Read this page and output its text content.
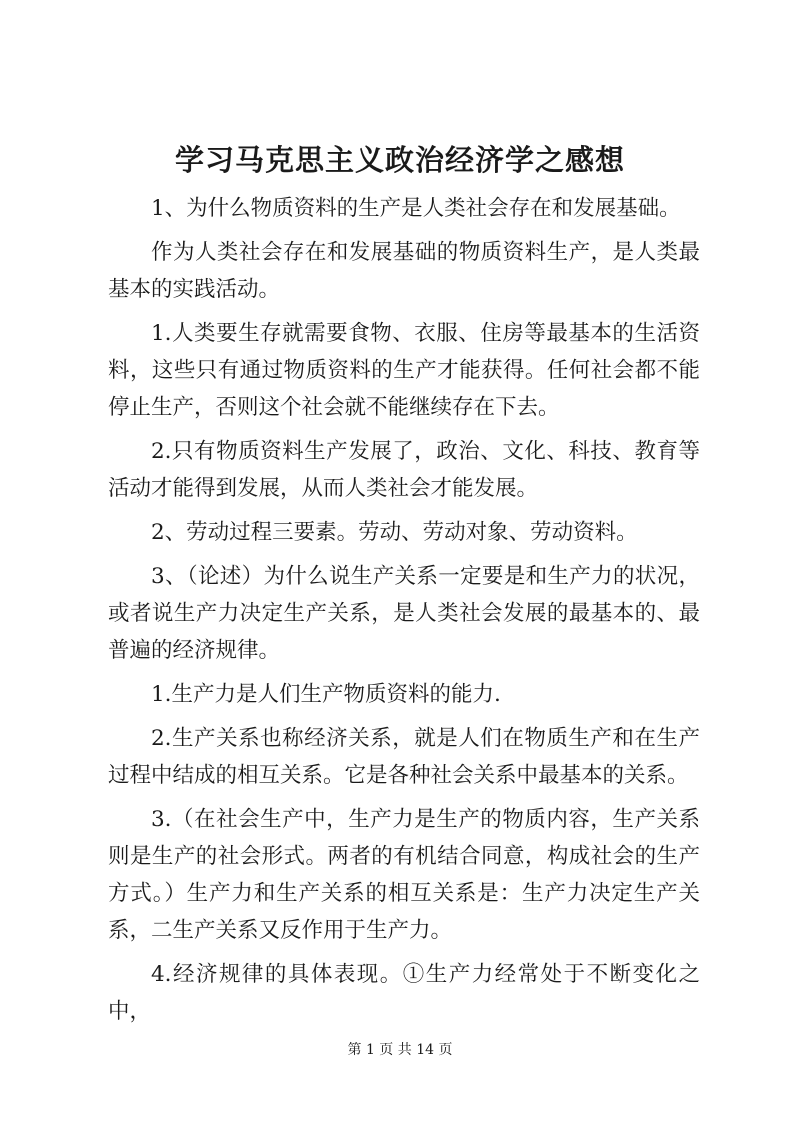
学习马克思主义政治经济学之感想

1、为什么物质资料的生产是人类社会存在和发展基础。

作为人类社会存在和发展基础的物质资料生产，是人类最基本的实践活动。

1.人类要生存就需要食物、衣服、住房等最基本的生活资料，这些只有通过物质资料的生产才能获得。任何社会都不能停止生产，否则这个社会就不能继续存在下去。

2.只有物质资料生产发展了，政治、文化、科技、教育等活动才能得到发展，从而人类社会才能发展。

2、劳动过程三要素。劳动、劳动对象、劳动资料。

3、（论述）为什么说生产关系一定要是和生产力的状况，或者说生产力决定生产关系，是人类社会发展的最基本的、最普遍的经济规律。

1.生产力是人们生产物质资料的能力.

2.生产关系也称经济关系，就是人们在物质生产和在生产过程中结成的相互关系。它是各种社会关系中最基本的关系。

3.（在社会生产中，生产力是生产的物质内容，生产关系则是生产的社会形式。两者的有机结合同意，构成社会的生产方式。）生产力和生产关系的相互关系是：生产力决定生产关系，二生产关系又反作用于生产力。

4.经济规律的具体表现。①生产力经常处于不断变化之中，

第 1 页 共 14 页
